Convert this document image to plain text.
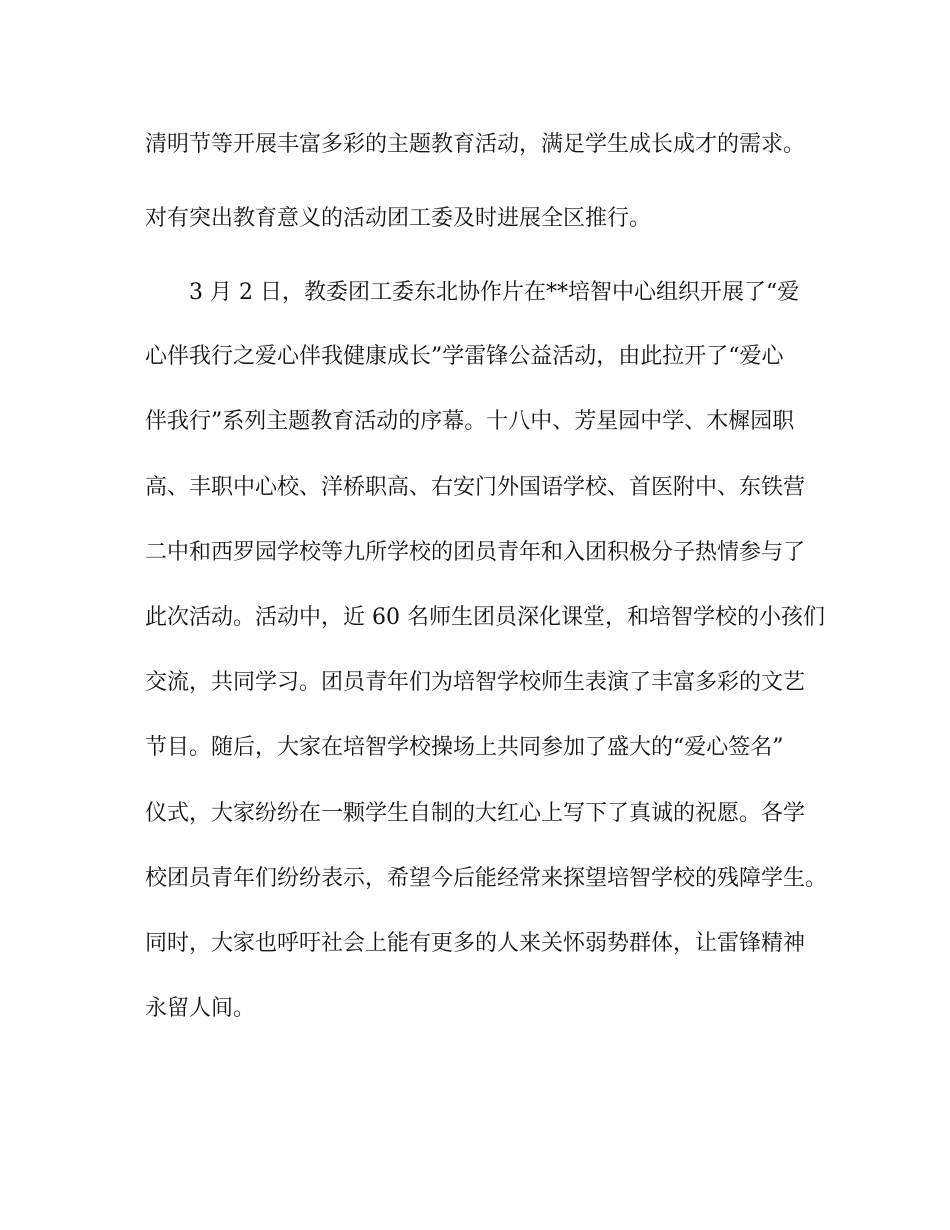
清明节等开展丰富多彩的主题教育活动，满足学生成长成才的需求。
对有突出教育意义的活动团工委及时进展全区推行。
3 月 2 日，教委团工委东北协作片在**培智中心组织开展了“爱
心伴我行之爱心伴我健康成长”学雷锋公益活动，由此拉开了“爱心
伴我行”系列主题教育活动的序幕。十八中、芳星园中学、木樨园职
高、丰职中心校、洋桥职高、右安门外国语学校、首医附中、东铁营
二中和西罗园学校等九所学校的团员青年和入团积极分子热情参与了
此次活动。活动中，近 60 名师生团员深化课堂，和培智学校的小孩们
交流，共同学习。团员青年们为培智学校师生表演了丰富多彩的文艺
节目。随后，大家在培智学校操场上共同参加了盛大的“爱心签名”
仪式，大家纷纷在一颗学生自制的大红心上写下了真诚的祝愿。各学
校团员青年们纷纷表示，希望今后能经常来探望培智学校的残障学生。
同时，大家也呼吁社会上能有更多的人来关怀弱势群体，让雷锋精神
永留人间。
